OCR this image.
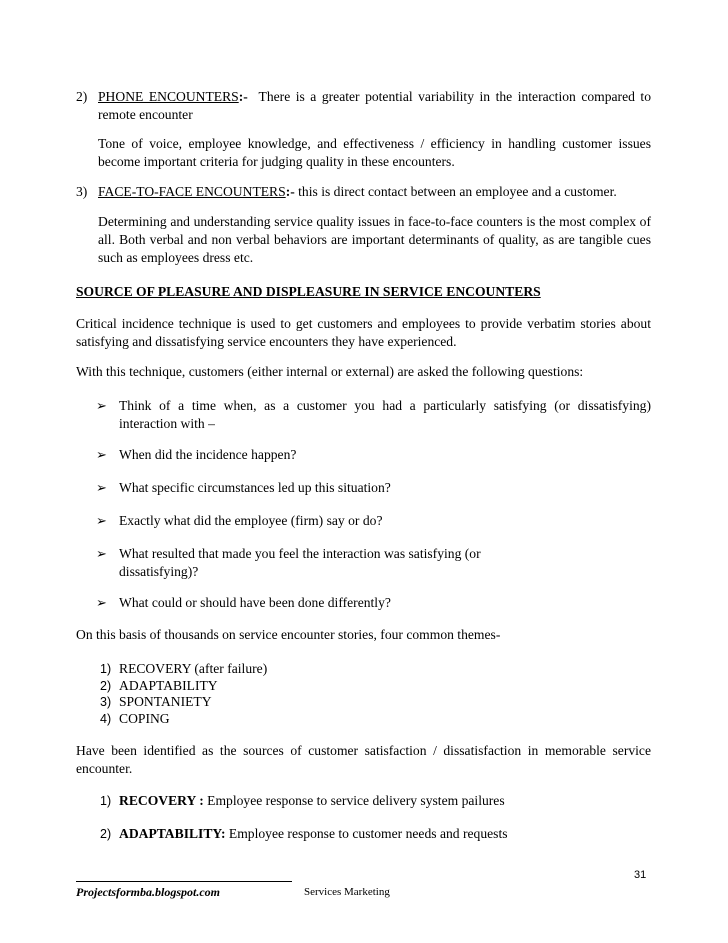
2) PHONE ENCOUNTERS:- There is a greater potential variability in the interaction compared to remote encounter

Tone of voice, employee knowledge, and effectiveness / efficiency in handling customer issues become important criteria for judging quality in these encounters.

3) FACE-TO-FACE ENCOUNTERS:- this is direct contact between an employee and a customer.

Determining and understanding service quality issues in face-to-face counters is the most complex of all. Both verbal and non verbal behaviors are important determinants of quality, as are tangible cues such as employees dress etc.

SOURCE OF PLEASURE AND DISPLEASURE IN SERVICE ENCOUNTERS

Critical incidence technique is used to get customers and employees to provide verbatim stories about satisfying and dissatisfying service encounters they have experienced.

With this technique, customers (either internal or external) are asked the following questions:

➢ Think of a time when, as a customer you had a particularly satisfying (or dissatisfying) interaction with –

➢ When did the incidence happen?

➢ What specific circumstances led up this situation?

➢ Exactly what did the employee (firm) say or do?

➢ What resulted that made you feel the interaction was satisfying (or dissatisfying)?

➢ What could or should have been done differently?

On this basis of thousands on service encounter stories, four common themes-

1) RECOVERY (after failure)
2) ADAPTABILITY
3) SPONTANIETY
4) COPING

Have been identified as the sources of customer satisfaction / dissatisfaction in memorable service encounter.

1) RECOVERY : Employee response to service delivery system pailures

2) ADAPTABILITY: Employee response to customer needs and requests

31
Projectsformba.blogspot.com	Services Marketing
